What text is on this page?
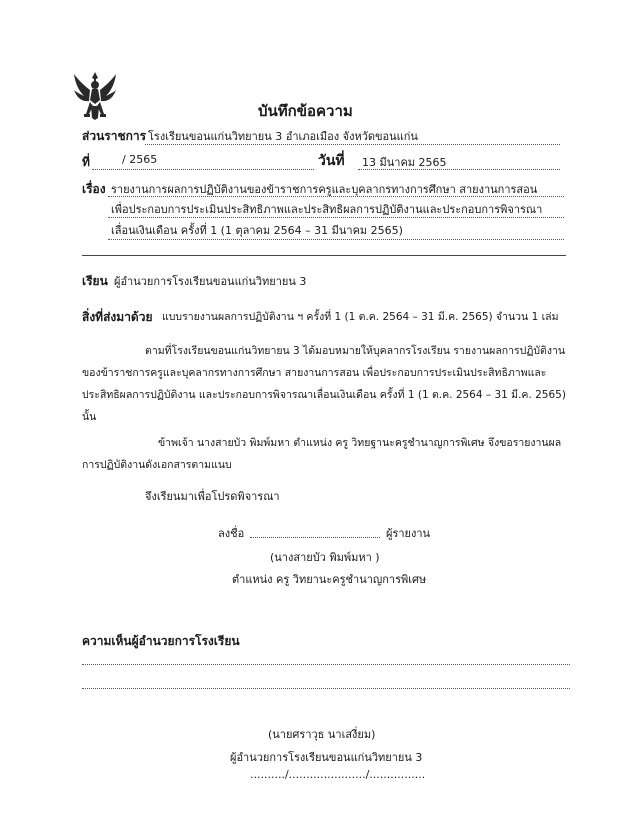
บันทึกข้อความ
ส่วนราชการ โรงเรียนขอนแก่นวิทยายน 3 อำเภอเมือง จังหวัดขอนแก่น
ที่	/ 2565	วันที่ 13 มีนาคม 2565
เรื่อง รายงานการผลการปฏิบัติงานของข้าราชการครูและบุคลากรทางการศึกษา สายงานการสอน
เพื่อประกอบการประเมินประสิทธิภาพและประสิทธิผลการปฏิบัติงานและประกอบการพิจารณา
เลื่อนเงินเดือน ครั้งที่ 1 (1 ตุลาคม 2564 – 31 มีนาคม 2565)
เรียน ผู้อำนวยการโรงเรียนขอนแก่นวิทยายน 3
สิ่งที่ส่งมาด้วย แบบรายงานผลการปฏิบัติงาน ฯ ครั้งที่ 1 (1 ต.ค. 2564 – 31 มี.ค. 2565) จำนวน 1 เล่ม
ตามที่โรงเรียนขอนแก่นวิทยายน 3 ได้มอบหมายให้บุคลากรโรงเรียน รายงานผลการปฏิบัติงาน
ของข้าราชการครูและบุคลากรทางการศึกษา สายงานการสอน เพื่อประกอบการประเมินประสิทธิภาพและ
ประสิทธิผลการปฏิบัติงาน และประกอบการพิจารณาเลื่อนเงินเดือน ครั้งที่ 1 (1 ต.ค. 2564 – 31 มี.ค. 2565)
นั้น
ข้าพเจ้า นางสายบัว พิมพ์มหา ตำแหน่ง ครู วิทยฐานะครูชำนาญการพิเศษ จึงขอรายงานผล
การปฏิบัติงานดังเอกสารตามแนบ
จึงเรียนมาเพื่อโปรดพิจารณา
ลงชื่อ	ผู้รายงาน
(นางสายบัว พิมพ์มหา )
ตำแหน่ง ครู วิทยานะครูชำนาญการพิเศษ
ความเห็นผู้อำนวยการโรงเรียน
(นายศราวุธ นาเสงี่ยม)
ผู้อำนวยการโรงเรียนขอนแก่นวิทยายน 3
........../....................../................
